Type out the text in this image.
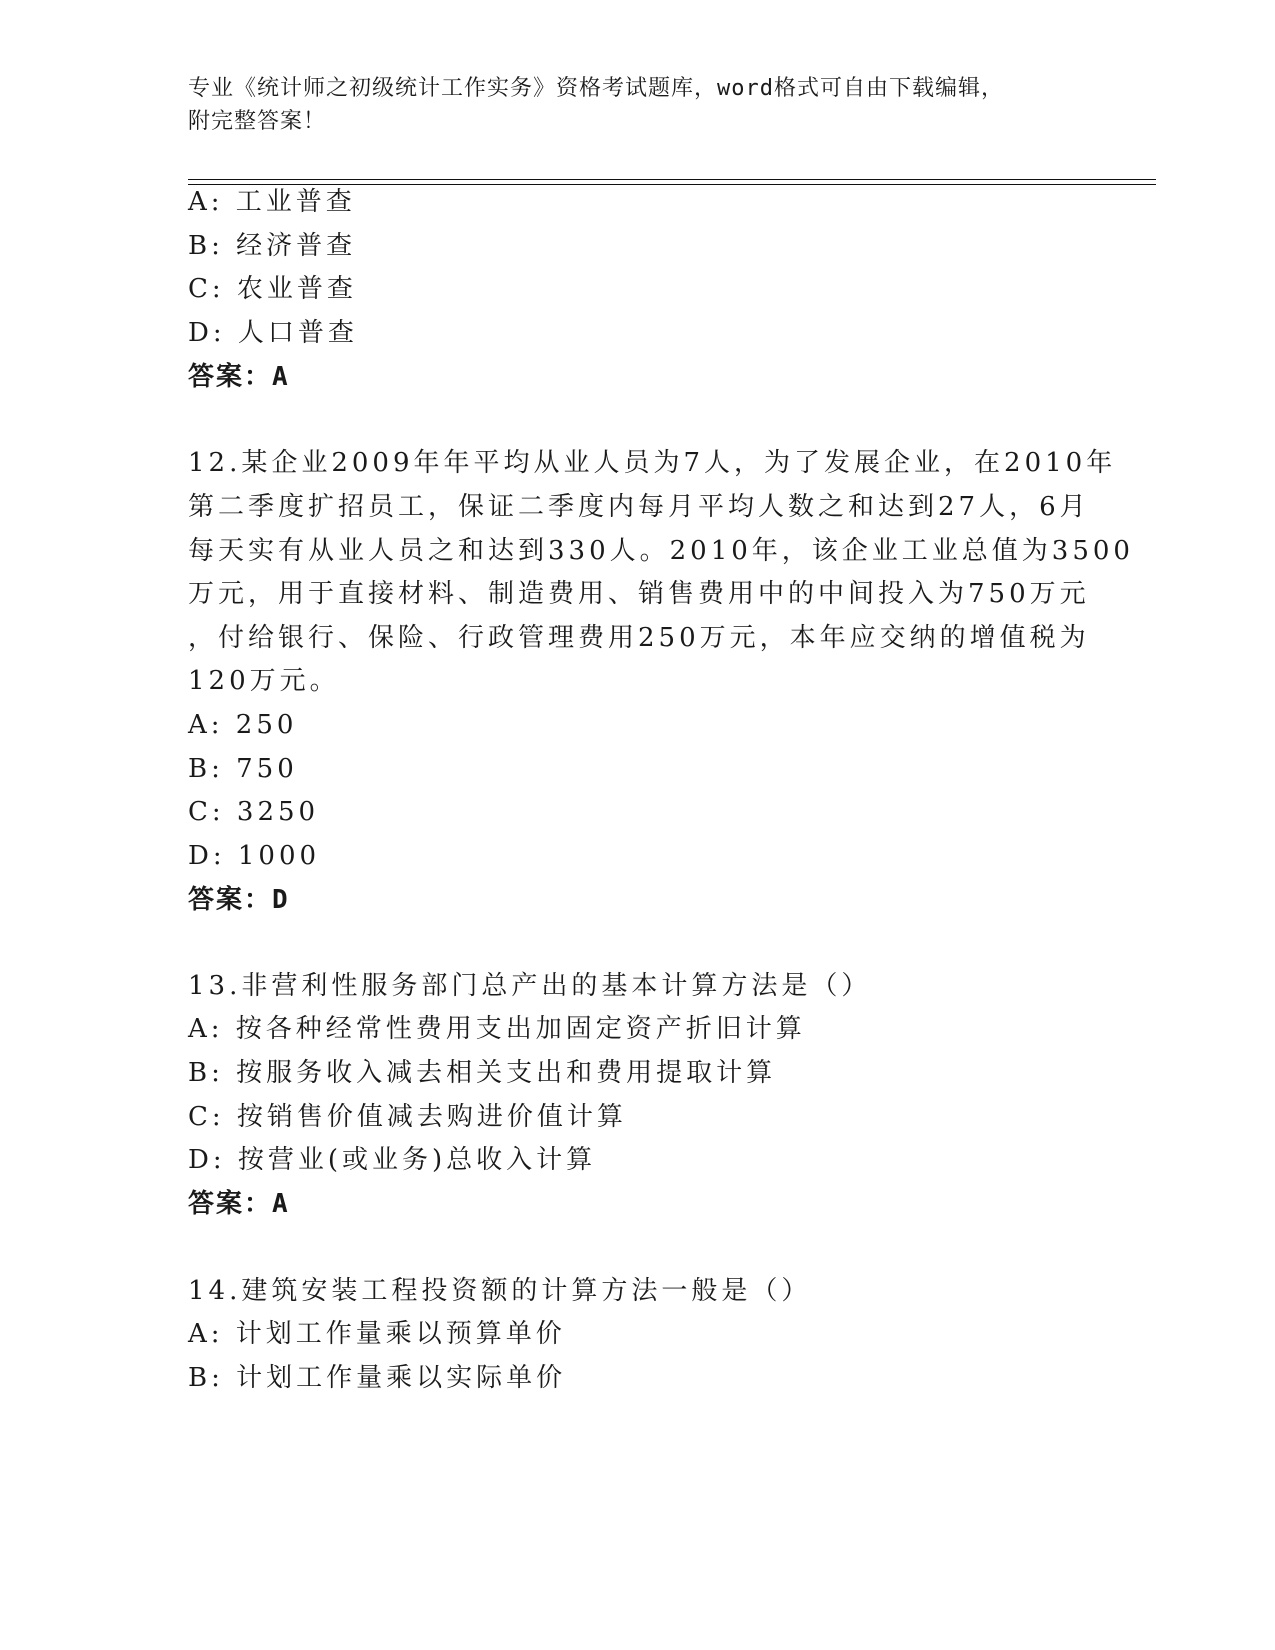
专业《统计师之初级统计工作实务》资格考试题库，word格式可自由下载编辑，
附完整答案！
A: 工业普查
B: 经济普查
C: 农业普查
D: 人口普查
答案：A
12.某企业2009年年平均从业人员为7人，为了发展企业，在2010年
第二季度扩招员工，保证二季度内每月平均人数之和达到27人，6月
每天实有从业人员之和达到330人。2010年，该企业工业总值为3500
万元，用于直接材料、制造费用、销售费用中的中间投入为750万元
，付给银行、保险、行政管理费用250万元，本年应交纳的增值税为
120万元。
A: 250
B: 750
C: 3250
D: 1000
答案：D
13.非营利性服务部门总产出的基本计算方法是（）
A: 按各种经常性费用支出加固定资产折旧计算
B: 按服务收入减去相关支出和费用提取计算
C: 按销售价值减去购进价值计算
D: 按营业(或业务)总收入计算
答案：A
14.建筑安装工程投资额的计算方法一般是（）
A: 计划工作量乘以预算单价
B: 计划工作量乘以实际单价
